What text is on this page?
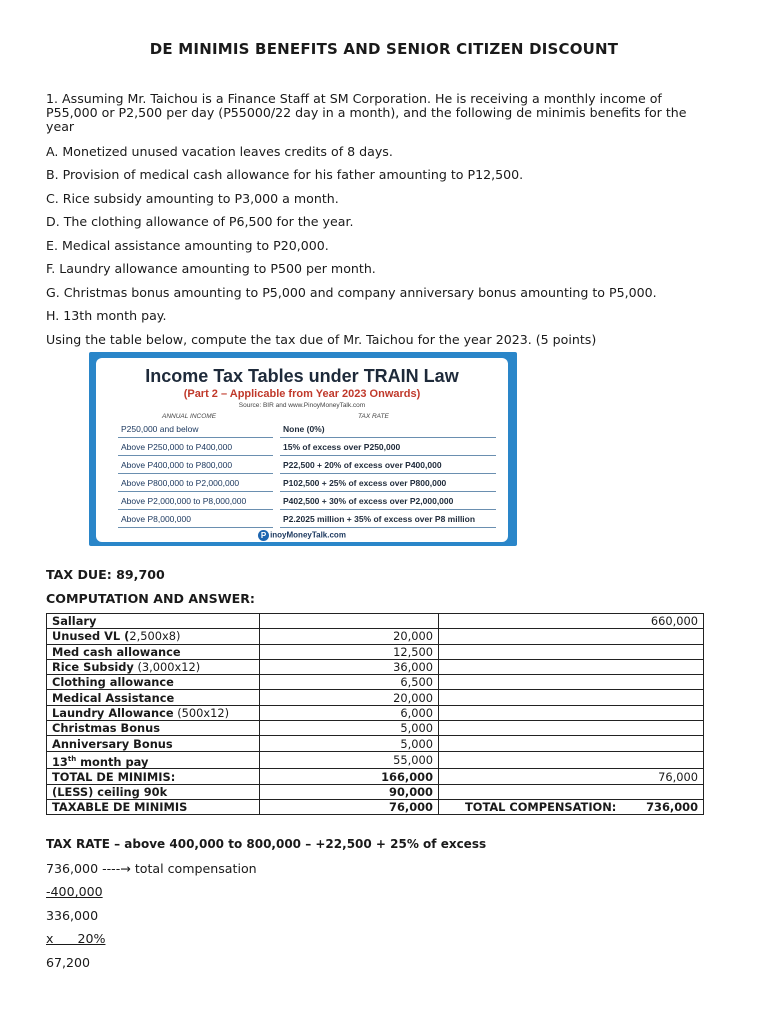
DE MINIMIS BENEFITS AND SENIOR CITIZEN DISCOUNT
1. Assuming Mr. Taichou is a Finance Staff at SM Corporation. He is receiving a monthly income of P55,000 or P2,500 per day (P55000/22 day in a month), and the following de minimis benefits for the year
A. Monetized unused vacation leaves credits of 8 days.
B. Provision of medical cash allowance for his father amounting to P12,500.
C. Rice subsidy amounting to P3,000 a month.
D. The clothing allowance of P6,500 for the year.
E. Medical assistance amounting to P20,000.
F. Laundry allowance amounting to P500 per month.
G. Christmas bonus amounting to P5,000 and company anniversary bonus amounting to P5,000.
H. 13th month pay.
Using the table below, compute the tax due of Mr. Taichou for the year 2023. (5 points)
Income Tax Tables under TRAIN Law
(Part 2 – Applicable from Year 2023 Onwards)
Source: BIR and www.PinoyMoneyTalk.com
ANNUAL INCOME	TAX RATE
P250,000 and below	None (0%)
Above P250,000 to P400,000	15% of excess over P250,000
Above P400,000 to P800,000	P22,500 + 20% of excess over P400,000
Above P800,000 to P2,000,000	P102,500 + 25% of excess over P800,000
Above P2,000,000 to P8,000,000	P402,500 + 30% of excess over P2,000,000
Above P8,000,000	P2.2025 million + 35% of excess over P8 million
P inoyMoneyTalk.com
TAX DUE: 89,700
COMPUTATION AND ANSWER:
Sallary		660,000
Unused VL (2,500x8)	20,000	
Med cash allowance	12,500	
Rice Subsidy (3,000x12)	36,000	
Clothing allowance	6,500	
Medical Assistance	20,000	
Laundry Allowance (500x12)	6,000	
Christmas Bonus	5,000	
Anniversary Bonus	5,000	
13th month pay	55,000	
TOTAL DE MINIMIS:	166,000	76,000
(LESS) ceiling 90k	90,000	
TAXABLE DE MINIMIS	76,000	TOTAL COMPENSATION: 736,000
TAX RATE – above 400,000 to 800,000 – +22,500 + 25% of excess
736,000 ----→ total compensation
-400,000
336,000
x      20%
67,200
